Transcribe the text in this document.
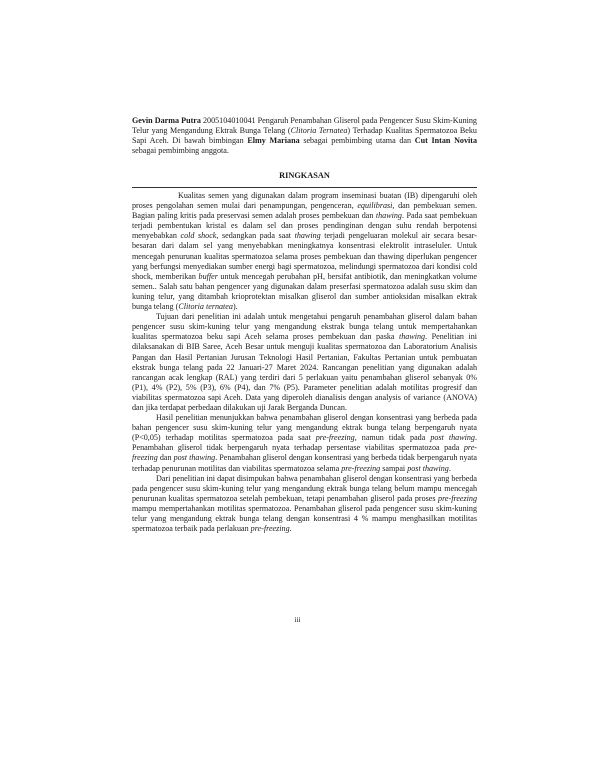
Gevin Darma Putra 2005104010041 Pengaruh Penambahan Gliserol pada Pengencer Susu Skim-Kuning Telur yang Mengandung Ektrak Bunga Telang (Clitoria Ternatea) Terhadap Kualitas Spermatozoa Beku Sapi Aceh. Di bawah bimbingan Elmy Mariana sebagai pembimbing utama dan Cut Intan Novita sebagai pembimbing anggota.

RINGKASAN

Kualitas semen yang digunakan dalam program inseminasi buatan (IB) dipengaruhi oleh proses pengolahan semen mulai dari penampungan, pengenceran, equilibrasi, dan pembekuan semen. Bagian paling kritis pada preservasi semen adalah proses pembekuan dan thawing. Pada saat pembekuan terjadi pembentukan kristal es dalam sel dan proses pendinginan dengan suhu rendah berpotensi menyebabkan cold shock, sedangkan pada saat thawing terjadi pengeluaran molekul air secara besar-besaran dari dalam sel yang menyebabkan meningkatnya konsentrasi elektrolit intraseluler. Untuk mencegah penurunan kualitas spermatozoa selama proses pembekuan dan thawing diperlukan pengencer yang berfungsi menyediakan sumber energi bagi spermatozoa, melindungi spermatozoa dari kondisi cold shock, memberikan buffer untuk mencegah perubahan pH, bersifat antibiotik, dan meningkatkan volume semen.. Salah satu bahan pengencer yang digunakan dalam preserfasi spermatozoa adalah susu skim dan kuning telur, yang ditambah krioprotektan misalkan gliserol dan sumber antioksidan misalkan ektrak bunga telang (Clitoria ternatea).

Tujuan dari penelitian ini adalah untuk mengetahui pengaruh penambahan gliserol dalam bahan pengencer susu skim-kuning telur yang mengandung ekstrak bunga telang untuk mempertahankan kualitas spermatozoa beku sapi Aceh selama proses pembekuan dan paska thawing. Penelitian ini dilaksanakan di BIB Saree, Aceh Besar untuk menguji kualitas spermatozoa dan Laboratorium Analisis Pangan dan Hasil Pertanian Jurusan Teknologi Hasil Pertanian, Fakultas Pertanian untuk pembuatan ekstrak bunga telang pada 22 Januari-27 Maret 2024. Rancangan penelitian yang digunakan adalah rancangan acak lengkap (RAL) yang terdiri dari 5 perlakuan yaitu penambahan gliserol sebanyak 0% (P1), 4% (P2), 5% (P3), 6% (P4), dan 7% (P5). Parameter penelitian adalah motilitas progresif dan viabilitas spermatozoa sapi Aceh. Data yang diperoleh dianalisis dengan analysis of variance (ANOVA) dan jika terdapat perbedaan dilakukan uji Jarak Berganda Duncan.

Hasil penelitian menunjukkan bahwa penambahan gliserol dengan konsentrasi yang berbeda pada bahan pengencer susu skim-kuning telur yang mengandung ektrak bunga telang berpengaruh nyata (P<0,05) terhadap motilitas spermatozoa pada saat pre-freezing, namun tidak pada post thawing. Penambahan gliserol tidak berpengaruh nyata terhadap persentase viabilitas spermatozoa pada pre-freezing dan post thawing. Penambahan gliserol dengan konsentrasi yang berbeda tidak berpengaruh nyata terhadap penurunan motilitas dan viabilitas spermatozoa selama pre-freezing sampai post thawing.

Dari penelitian ini dapat disimpukan bahwa penambahan gliserol dengan konsentrasi yang berbeda pada pengencer susu skim-kuning telur yang mengandung ektrak bunga telang belum mampu mencegah penurunan kualitas spermatozoa setelah pembekuan, tetapi penambahan gliserol pada proses pre-freezing mampu mempertahankan motilitas spermatozoa. Penambahan gliserol pada pengencer susu skim-kuning telur yang mengandung ektrak bunga telang dengan konsentrasi 4 % mampu menghasilkan motilitas spermatozoa terbaik pada perlakuan pre-freezing.

iii
